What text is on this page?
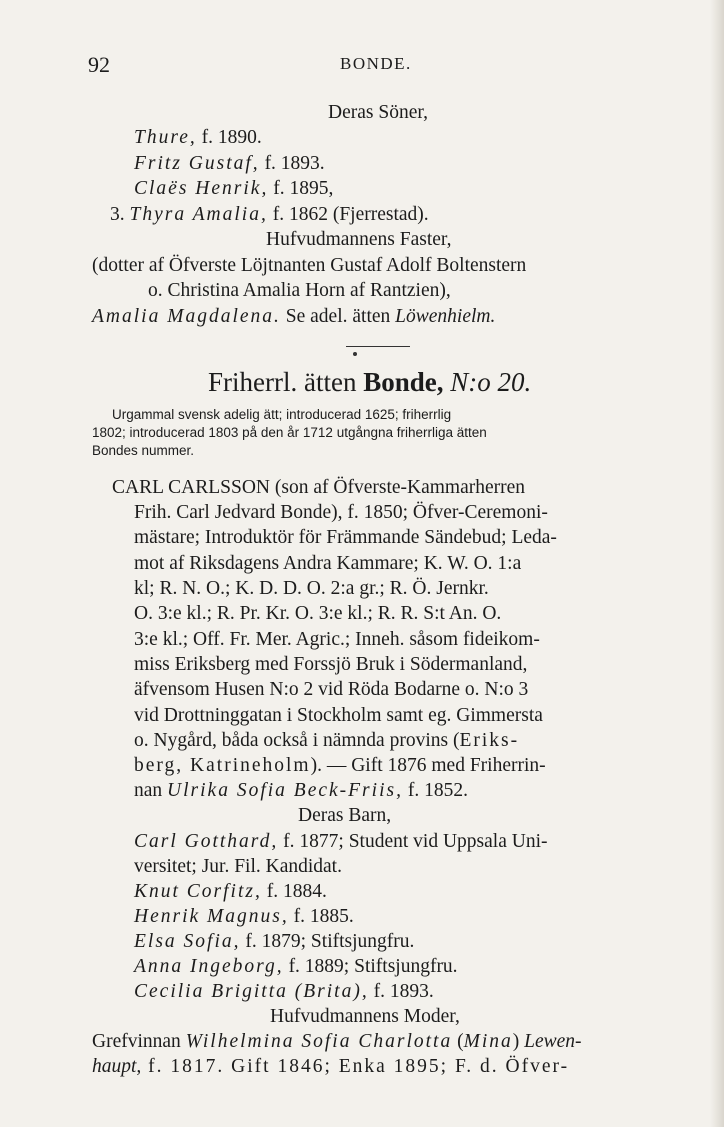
92	BONDE.
Deras Söner,
Thure, f. 1890.
Fritz Gustaf, f. 1893.
Claës Henrik, f. 1895,
3. Thyra Amalia, f. 1862 (Fjerrestad).
Hufvudmannens Faster,
(dotter af Öfverste Löjtnanten Gustaf Adolf Boltenstern
o. Christina Amalia Horn af Rantzien),
Amalia Magdalena. Se adel. ätten Löwenhielm.
Friherrl. ätten Bonde, N:o 20.
Urgammal svensk adelig ätt; introducerad 1625; friherrlig
1802; introducerad 1803 på den år 1712 utgångna friherrliga ätten
Bondes nummer.
CARL CARLSSON (son af Öfverste-Kammarherren
Frih. Carl Jedvard Bonde), f. 1850; Öfver-Ceremoni-
mästare; Introduktör för Främmande Sändebud; Leda-
mot af Riksdagens Andra Kammare; K. W. O. 1:a
kl; R. N. O.; K. D. D. O. 2:a gr.; R. Ö. Jernkr.
O. 3:e kl.; R. Pr. Kr. O. 3:e kl.; R. R. S:t An. O.
3:e kl.; Off. Fr. Mer. Agric.; Inneh. såsom fideikom-
miss Eriksberg med Forssjö Bruk i Södermanland,
äfvensom Husen N:o 2 vid Röda Bodarne o. N:o 3
vid Drottninggatan i Stockholm samt eg. Gimmersta
o. Nygård, båda också i nämnda provins (Eriks-
berg, Katrineholm). — Gift 1876 med Friherrin-
nan Ulrika Sofia Beck-Friis, f. 1852.
Deras Barn,
Carl Gotthard, f. 1877; Student vid Uppsala Uni-
versitet; Jur. Fil. Kandidat.
Knut Corfitz, f. 1884.
Henrik Magnus, f. 1885.
Elsa Sofia, f. 1879; Stiftsjungfru.
Anna Ingeborg, f. 1889; Stiftsjungfru.
Cecilia Brigitta (Brita), f. 1893.
Hufvudmannens Moder,
Grefvinnan Wilhelmina Sofia Charlotta (Mina) Lewen-
haupt, f. 1817. Gift 1846; Enka 1895; F. d. Öfver-
